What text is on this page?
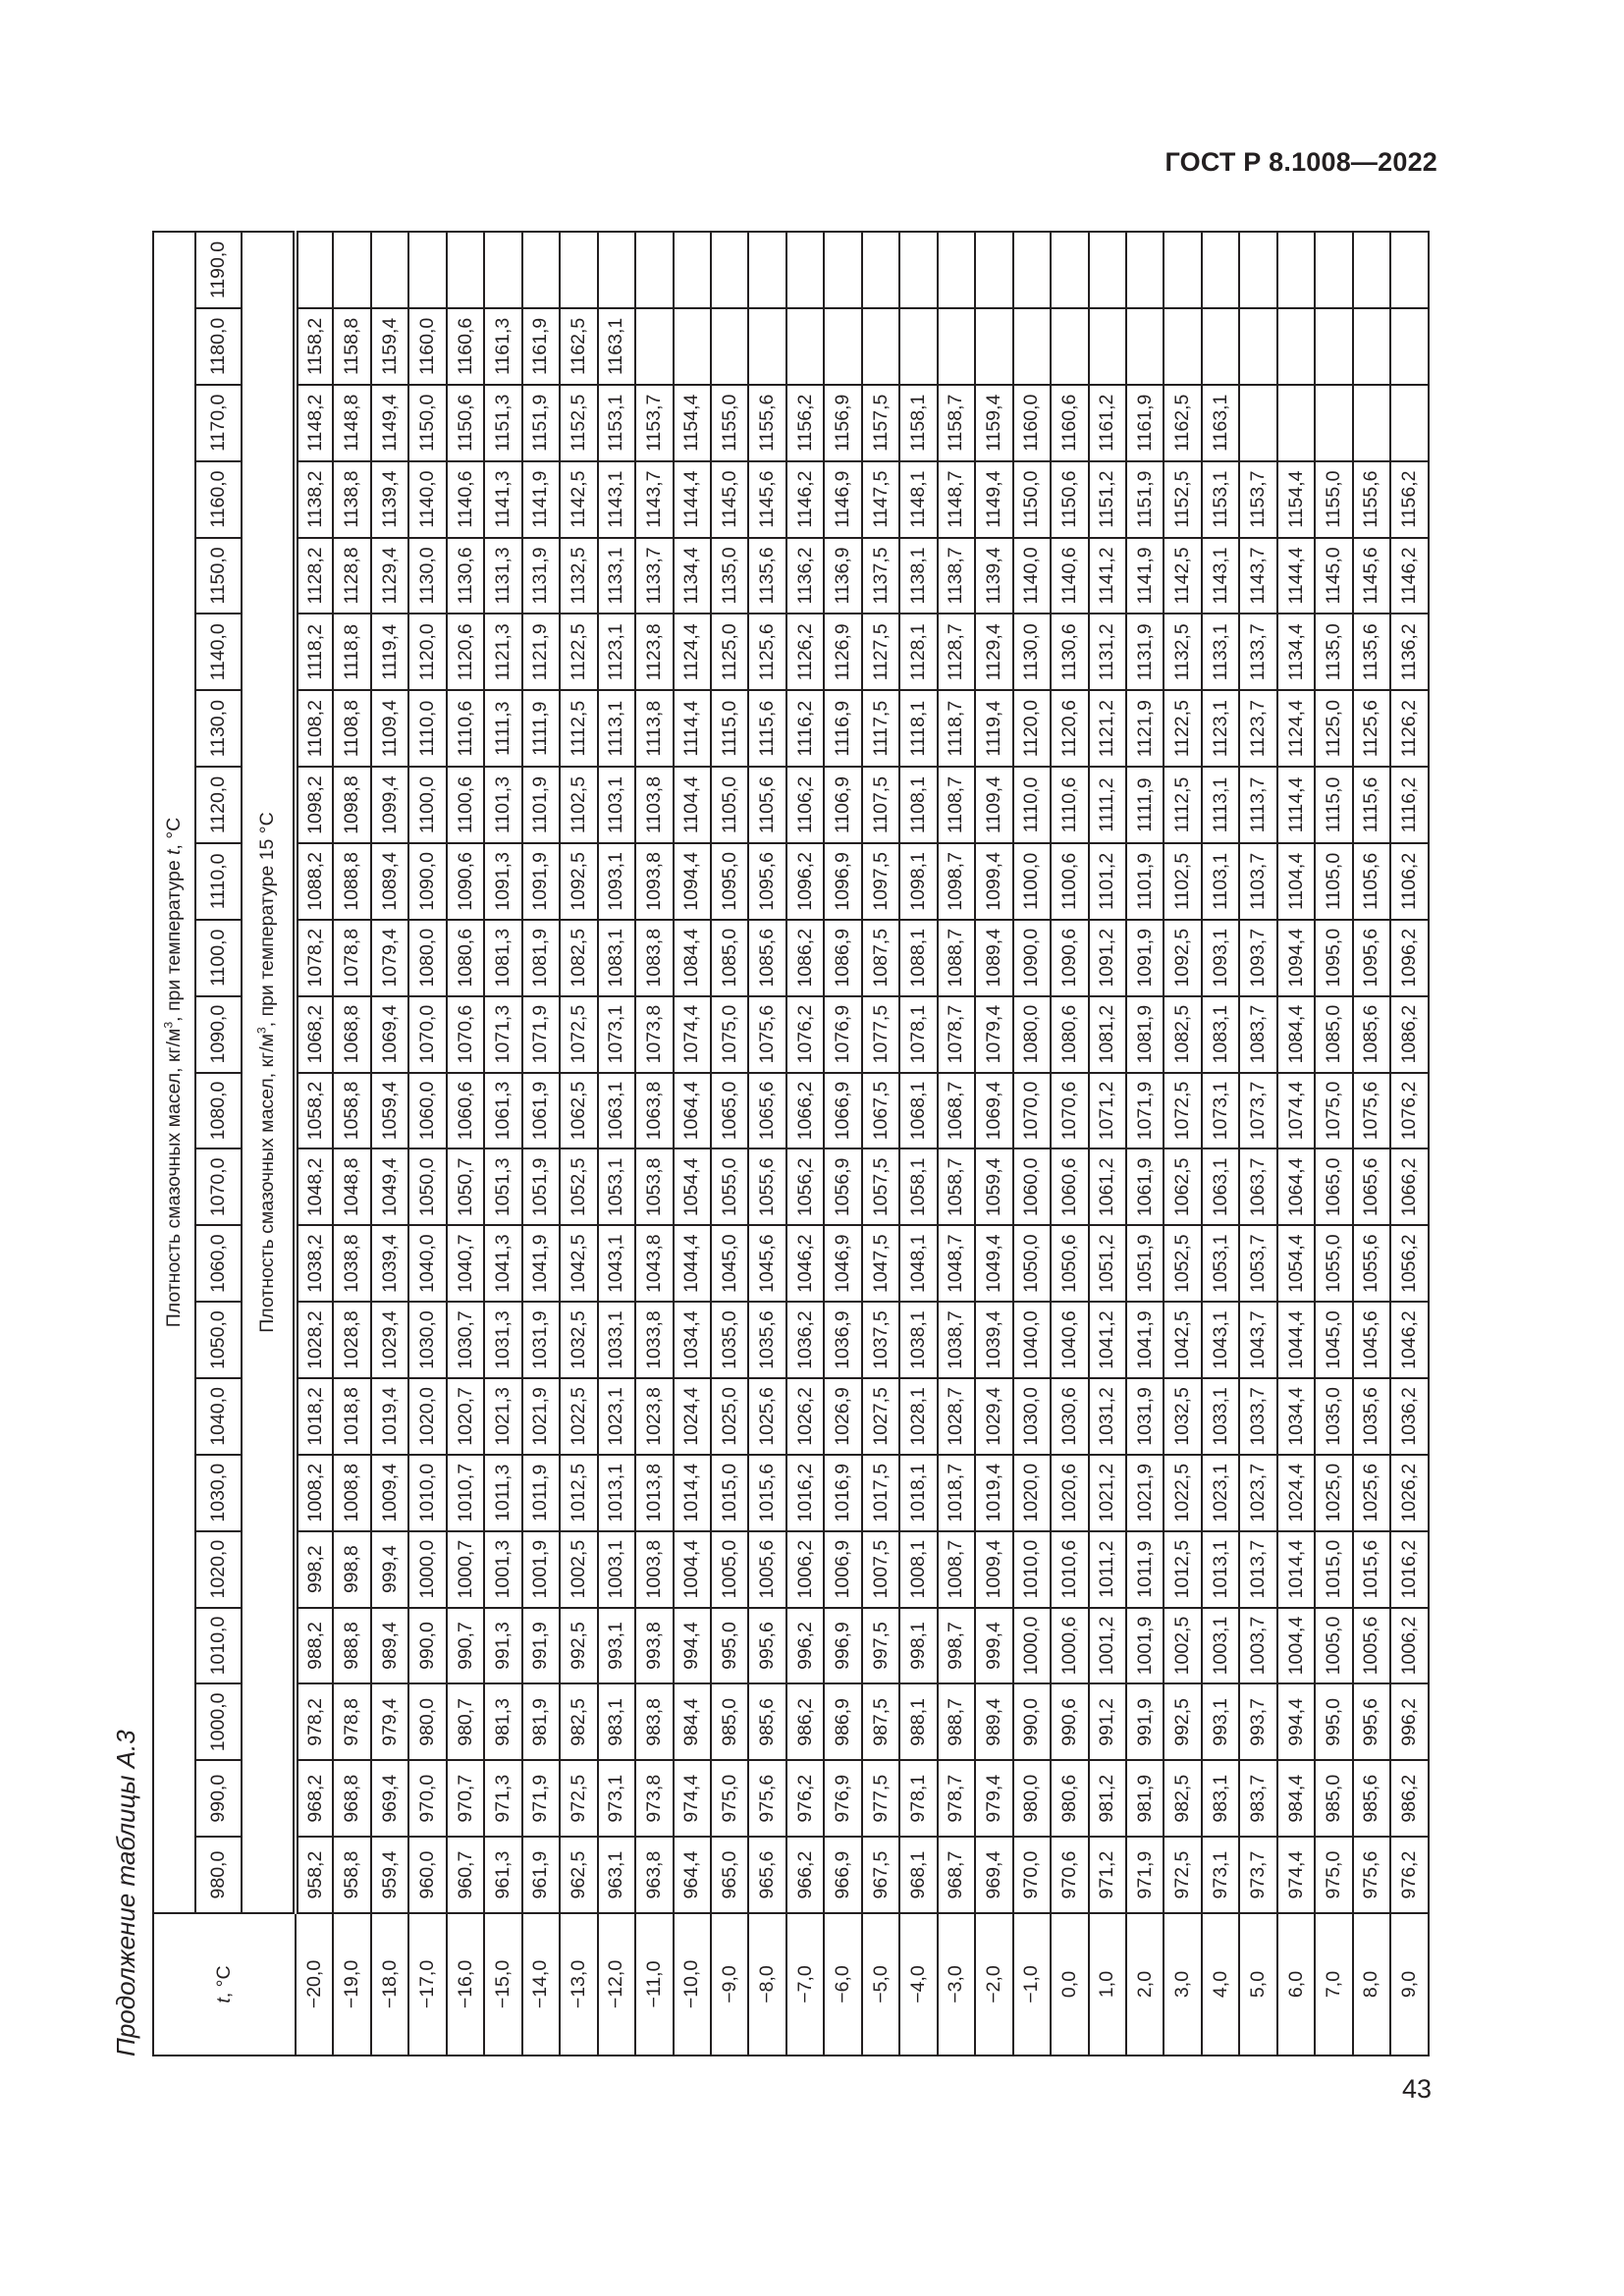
ГОСТ Р 8.1008—2022
Продолжение таблицы А.3	t, °C	Плотность смазочных масел, $кг/м^3$, при температуре t, °C																					
	980,0	990,0	1000,0	1010,0	1020,0	1030,0	1040,0	1050,0	1060,0	1070,0	1080,0	1090,0	1100,0	1110,0	1120,0	1130,0	1140,0	1150,0	1160,0	1170,0	1180,0	1190,0
	Плотность смазочных масел, $кг/м^3$, при температуре 15 °C																					
−20,0	958,2	968,2	978,2	988,2	998,2	1008,2	1018,2	1028,2	1038,2	1048,2	1058,2	1068,2	1078,2	1088,2	1098,2	1108,2	1118,2	1128,2	1138,2	1148,2	1158,2	
−19,0	958,8	968,8	978,8	988,8	998,8	1008,8	1018,8	1028,8	1038,8	1048,8	1058,8	1068,8	1078,8	1088,8	1098,8	1108,8	1118,8	1128,8	1138,8	1148,8	1158,8	
−18,0	959,4	969,4	979,4	989,4	999,4	1009,4	1019,4	1029,4	1039,4	1049,4	1059,4	1069,4	1079,4	1089,4	1099,4	1109,4	1119,4	1129,4	1139,4	1149,4	1159,4	
−17,0	960,0	970,0	980,0	990,0	1000,0	1010,0	1020,0	1030,0	1040,0	1050,0	1060,0	1070,0	1080,0	1090,0	1100,0	1110,0	1120,0	1130,0	1140,0	1150,0	1160,0	
−16,0	960,7	970,7	980,7	990,7	1000,7	1010,7	1020,7	1030,7	1040,7	1050,7	1060,6	1070,6	1080,6	1090,6	1100,6	1110,6	1120,6	1130,6	1140,6	1150,6	1160,6	
−15,0	961,3	971,3	981,3	991,3	1001,3	1011,3	1021,3	1031,3	1041,3	1051,3	1061,3	1071,3	1081,3	1091,3	1101,3	1111,3	1121,3	1131,3	1141,3	1151,3	1161,3	
−14,0	961,9	971,9	981,9	991,9	1001,9	1011,9	1021,9	1031,9	1041,9	1051,9	1061,9	1071,9	1081,9	1091,9	1101,9	1111,9	1121,9	1131,9	1141,9	1151,9	1161,9	
−13,0	962,5	972,5	982,5	992,5	1002,5	1012,5	1022,5	1032,5	1042,5	1052,5	1062,5	1072,5	1082,5	1092,5	1102,5	1112,5	1122,5	1132,5	1142,5	1152,5	1162,5	
−12,0	963,1	973,1	983,1	993,1	1003,1	1013,1	1023,1	1033,1	1043,1	1053,1	1063,1	1073,1	1083,1	1093,1	1103,1	1113,1	1123,1	1133,1	1143,1	1153,1	1163,1	
−11,0	963,8	973,8	983,8	993,8	1003,8	1013,8	1023,8	1033,8	1043,8	1053,8	1063,8	1073,8	1083,8	1093,8	1103,8	1113,8	1123,8	1133,7	1143,7	1153,7		
−10,0	964,4	974,4	984,4	994,4	1004,4	1014,4	1024,4	1034,4	1044,4	1054,4	1064,4	1074,4	1084,4	1094,4	1104,4	1114,4	1124,4	1134,4	1144,4	1154,4		
−9,0	965,0	975,0	985,0	995,0	1005,0	1015,0	1025,0	1035,0	1045,0	1055,0	1065,0	1075,0	1085,0	1095,0	1105,0	1115,0	1125,0	1135,0	1145,0	1155,0		
−8,0	965,6	975,6	985,6	995,6	1005,6	1015,6	1025,6	1035,6	1045,6	1055,6	1065,6	1075,6	1085,6	1095,6	1105,6	1115,6	1125,6	1135,6	1145,6	1155,6		
−7,0	966,2	976,2	986,2	996,2	1006,2	1016,2	1026,2	1036,2	1046,2	1056,2	1066,2	1076,2	1086,2	1096,2	1106,2	1116,2	1126,2	1136,2	1146,2	1156,2		
−6,0	966,9	976,9	986,9	996,9	1006,9	1016,9	1026,9	1036,9	1046,9	1056,9	1066,9	1076,9	1086,9	1096,9	1106,9	1116,9	1126,9	1136,9	1146,9	1156,9		
−5,0	967,5	977,5	987,5	997,5	1007,5	1017,5	1027,5	1037,5	1047,5	1057,5	1067,5	1077,5	1087,5	1097,5	1107,5	1117,5	1127,5	1137,5	1147,5	1157,5		
−4,0	968,1	978,1	988,1	998,1	1008,1	1018,1	1028,1	1038,1	1048,1	1058,1	1068,1	1078,1	1088,1	1098,1	1108,1	1118,1	1128,1	1138,1	1148,1	1158,1		
−3,0	968,7	978,7	988,7	998,7	1008,7	1018,7	1028,7	1038,7	1048,7	1058,7	1068,7	1078,7	1088,7	1098,7	1108,7	1118,7	1128,7	1138,7	1148,7	1158,7		
−2,0	969,4	979,4	989,4	999,4	1009,4	1019,4	1029,4	1039,4	1049,4	1059,4	1069,4	1079,4	1089,4	1099,4	1109,4	1119,4	1129,4	1139,4	1149,4	1159,4		
−1,0	970,0	980,0	990,0	1000,0	1010,0	1020,0	1030,0	1040,0	1050,0	1060,0	1070,0	1080,0	1090,0	1100,0	1110,0	1120,0	1130,0	1140,0	1150,0	1160,0		
0,0	970,6	980,6	990,6	1000,6	1010,6	1020,6	1030,6	1040,6	1050,6	1060,6	1070,6	1080,6	1090,6	1100,6	1110,6	1120,6	1130,6	1140,6	1150,6	1160,6		
1,0	971,2	981,2	991,2	1001,2	1011,2	1021,2	1031,2	1041,2	1051,2	1061,2	1071,2	1081,2	1091,2	1101,2	1111,2	1121,2	1131,2	1141,2	1151,2	1161,2		
2,0	971,9	981,9	991,9	1001,9	1011,9	1021,9	1031,9	1041,9	1051,9	1061,9	1071,9	1081,9	1091,9	1101,9	1111,9	1121,9	1131,9	1141,9	1151,9	1161,9		
3,0	972,5	982,5	992,5	1002,5	1012,5	1022,5	1032,5	1042,5	1052,5	1062,5	1072,5	1082,5	1092,5	1102,5	1112,5	1122,5	1132,5	1142,5	1152,5	1162,5		
4,0	973,1	983,1	993,1	1003,1	1013,1	1023,1	1033,1	1043,1	1053,1	1063,1	1073,1	1083,1	1093,1	1103,1	1113,1	1123,1	1133,1	1143,1	1153,1	1163,1		
5,0	973,7	983,7	993,7	1003,7	1013,7	1023,7	1033,7	1043,7	1053,7	1063,7	1073,7	1083,7	1093,7	1103,7	1113,7	1123,7	1133,7	1143,7	1153,7			
6,0	974,4	984,4	994,4	1004,4	1014,4	1024,4	1034,4	1044,4	1054,4	1064,4	1074,4	1084,4	1094,4	1104,4	1114,4	1124,4	1134,4	1144,4	1154,4			
7,0	975,0	985,0	995,0	1005,0	1015,0	1025,0	1035,0	1045,0	1055,0	1065,0	1075,0	1085,0	1095,0	1105,0	1115,0	1125,0	1135,0	1145,0	1155,0			
8,0	975,6	985,6	995,6	1005,6	1015,6	1025,6	1035,6	1045,6	1055,6	1065,6	1075,6	1085,6	1095,6	1105,6	1115,6	1125,6	1135,6	1145,6	1155,6			
9,0	976,2	986,2	996,2	1006,2	1016,2	1026,2	1036,2	1046,2	1056,2	1066,2	1076,2	1086,2	1096,2	1106,2	1116,2	1126,2	1136,2	1146,2	1156,2			
43
